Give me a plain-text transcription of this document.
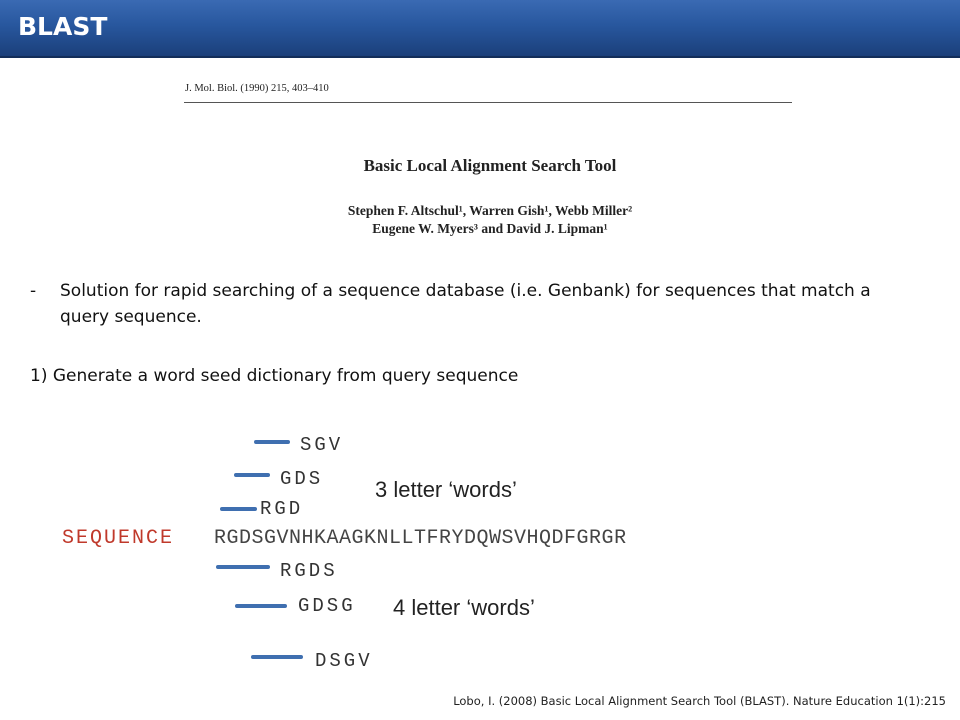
BLAST
J. Mol. Biol. (1990) 215, 403–410
Basic Local Alignment Search Tool
Stephen F. Altschul¹, Warren Gish¹, Webb Miller²
Eugene W. Myers³ and David J. Lipman¹
- Solution for rapid searching of a sequence database (i.e. Genbank) for sequences that match a query sequence.
1) Generate a word seed dictionary from query sequence
SGV
GDS
RGD
3 letter ‘words’
SEQUENCE RGDSGVNHKAAGKNLLTFRYDQWSVHQDFGRGR
RGDS
GDSG 4 letter ‘words’
DSGV
Lobo, I. (2008) Basic Local Alignment Search Tool (BLAST). Nature Education 1(1):215
